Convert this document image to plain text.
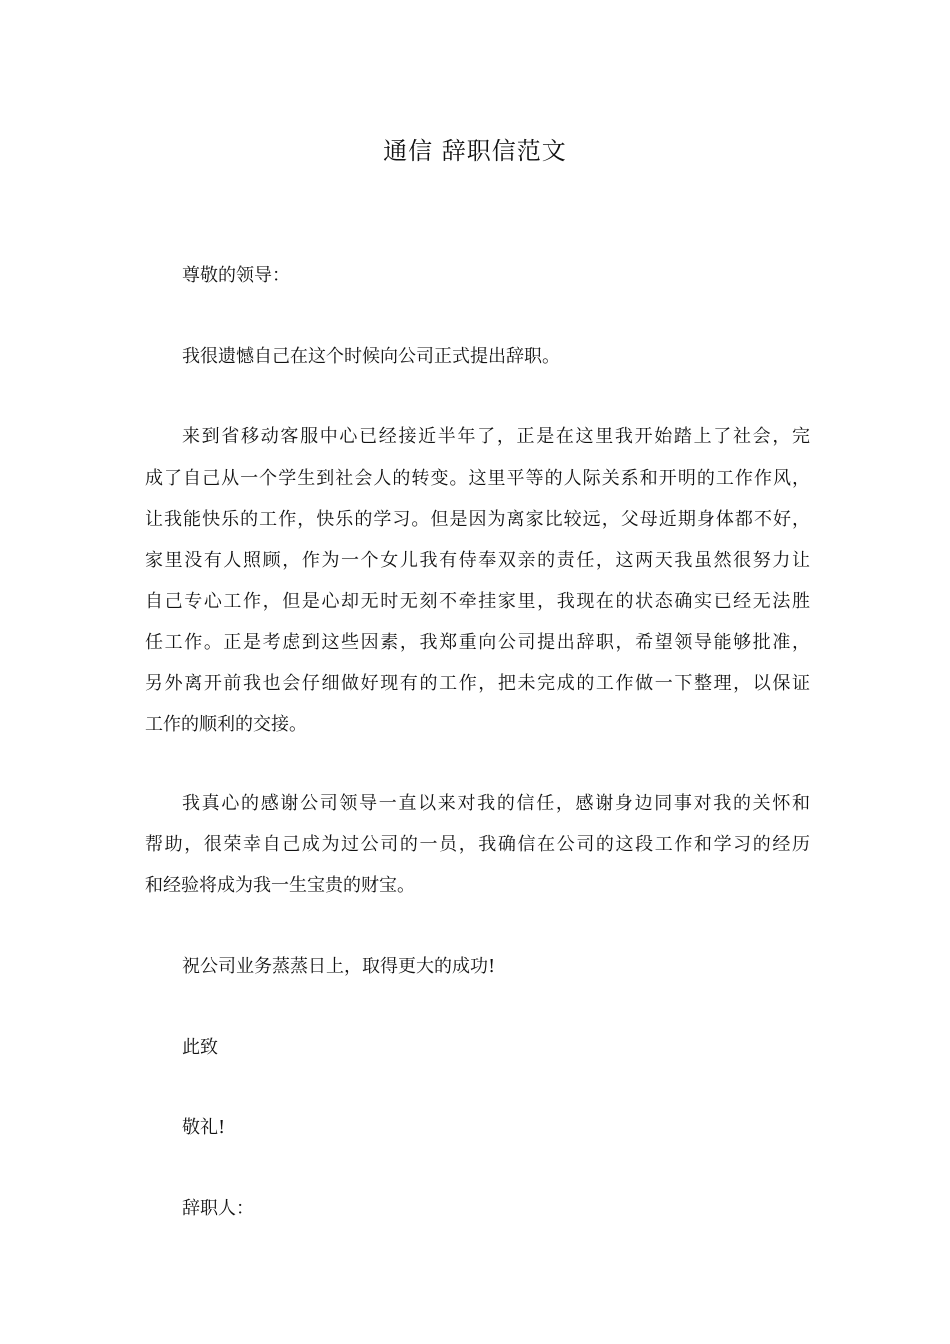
通信 辞职信范文
尊敬的领导：
我很遗憾自己在这个时候向公司正式提出辞职。
来到省移动客服中心已经接近半年了，正是在这里我开始踏上了社会，完
成了自己从一个学生到社会人的转变。这里平等的人际关系和开明的工作作风，
让我能快乐的工作，快乐的学习。但是因为离家比较远，父母近期身体都不好，
家里没有人照顾，作为一个女儿我有侍奉双亲的责任，这两天我虽然很努力让
自己专心工作，但是心却无时无刻不牵挂家里，我现在的状态确实已经无法胜
任工作。正是考虑到这些因素，我郑重向公司提出辞职，希望领导能够批准，
另外离开前我也会仔细做好现有的工作，把未完成的工作做一下整理，以保证
工作的顺利的交接。
我真心的感谢公司领导一直以来对我的信任，感谢身边同事对我的关怀和
帮助，很荣幸自己成为过公司的一员，我确信在公司的这段工作和学习的经历
和经验将成为我一生宝贵的财宝。
祝公司业务蒸蒸日上，取得更大的成功!
此致
敬礼!
辞职人：
